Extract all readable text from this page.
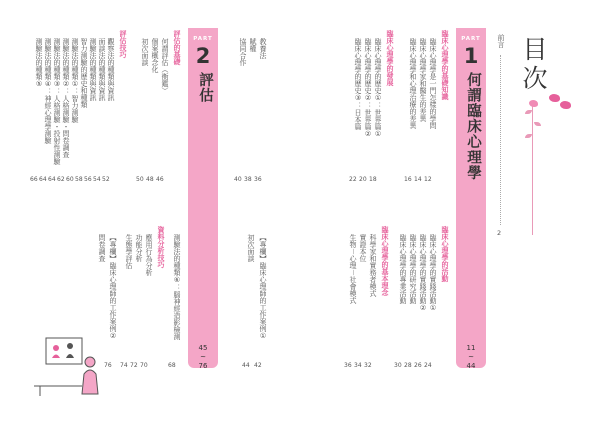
目次
前言
2
PART
1
何謂臨床心理學
11
~
44
PART
2
評估
45
~
76
臨床心理學的基礎知識
臨床心理學是一門怎樣的學問
12
臨床心理學家和醫生的差異
14
臨床心理學和心理治療的差異
16
臨床心理學的發展
臨床心理學的歷史①：世界篇①
18
臨床心理學的歷史②：世界篇②
20
臨床心理學的歷史③：日本篇
22
臨床心理學的活動
臨床心理學的實踐活動①
24
臨床心理學的實踐活動②
26
臨床心理學的研究活動
28
臨床心理學的專業活動
30
臨床心理學的基本理念
科學家和實務者模式
32
實證本位
34
生物－心理－社會模式
36
教養法
36
賦權
38
協同合作
40
【專欄】臨床心理師的工作案例①
42
初次面談
44
評估的基礎
何謂評估（衡鑑）
46
個案概念化
48
初次面談
50
評估技巧
觀察法的種類與資訊
52
面談法的種類與資訊
54
測驗法的種類與資訊
56
智力測驗的歷史和種類
58
測驗法的種類①：智力測驗
60
測驗法的種類②：人格測驗・問卷調查
62
測驗法的種類③：人格測驗・投射性測驗
64
測驗法的種類④：神經心理學測驗
64
測驗法的種類⑤
66
測驗法的種類⑥：腦神經造影檢測
68
資料分析技巧
應用行為分析
70
功能分析
72
生態學評估
74
【專欄】臨床心理師的工作案例②
76
問卷調查
